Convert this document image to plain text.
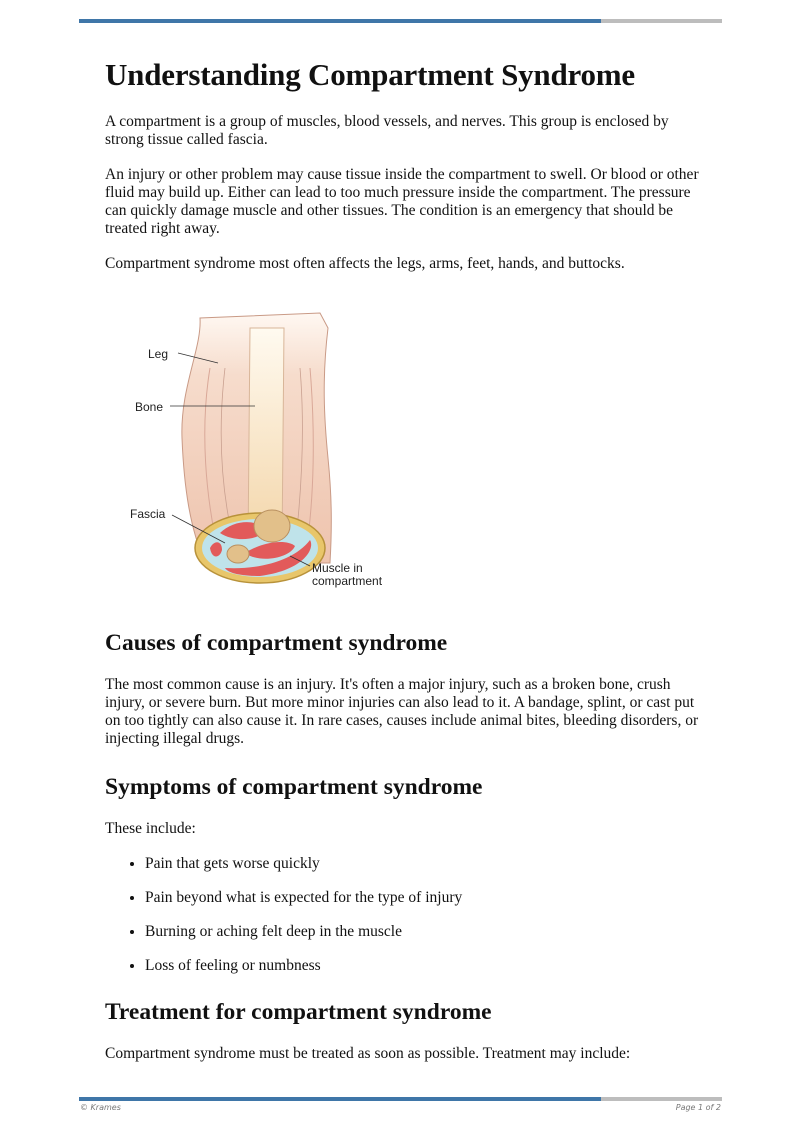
Understanding Compartment Syndrome

A compartment is a group of muscles, blood vessels, and nerves. This group is enclosed by strong tissue called fascia.

An injury or other problem may cause tissue inside the compartment to swell. Or blood or other fluid may build up. Either can lead to too much pressure inside the compartment. The pressure can quickly damage muscle and other tissues. The condition is an emergency that should be treated right away.

Compartment syndrome most often affects the legs, arms, feet, hands, and buttocks.

Leg
Bone
Fascia
Muscle in
compartment
Causes of compartment syndrome

The most common cause is an injury. It's often a major injury, such as a broken bone, crush injury, or severe burn. But more minor injuries can also lead to it. A bandage, splint, or cast put on too tightly can also cause it. In rare cases, causes include animal bites, bleeding disorders, or injecting illegal drugs.

Symptoms of compartment syndrome

These include:

• Pain that gets worse quickly
• Pain beyond what is expected for the type of injury
• Burning or aching felt deep in the muscle
• Loss of feeling or numbness
Treatment for compartment syndrome

Compartment syndrome must be treated as soon as possible. Treatment may include:

© Krames	Page 1 of 2
